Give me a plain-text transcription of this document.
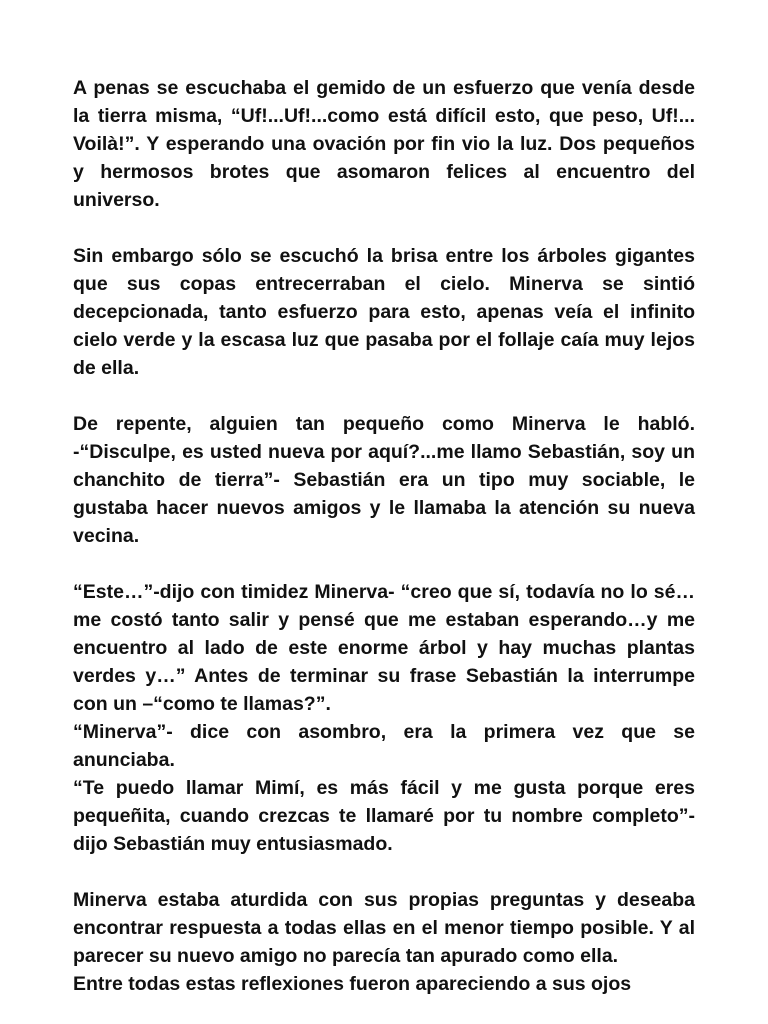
A penas se escuchaba el gemido de un esfuerzo que venía desde la tierra misma, “Uf!...Uf!...como está difícil esto, que peso, Uf!... Voilà!”. Y esperando una ovación por fin vio la luz. Dos pequeños y hermosos brotes que asomaron felices al encuentro del universo.

Sin embargo sólo se escuchó la brisa entre los árboles gigantes que sus copas entrecerraban el cielo. Minerva se sintió decepcionada, tanto esfuerzo para esto, apenas veía el infinito cielo verde y la escasa luz que pasaba por el follaje caía muy lejos de ella.

De repente, alguien tan pequeño como Minerva le habló. -“Disculpe, es usted nueva por aquí?...me llamo Sebastián, soy un chanchito de tierra”- Sebastián era un tipo muy sociable, le gustaba hacer nuevos amigos y le llamaba la atención su nueva vecina.

“Este…”-dijo con timidez Minerva- “creo que sí, todavía no lo sé…me costó tanto salir y pensé que me estaban esperando…y me encuentro al lado de este enorme árbol y hay muchas plantas verdes y…” Antes de terminar su frase Sebastián la interrumpe con un –“como te llamas?”.

“Minerva”- dice con asombro, era la primera vez que se anunciaba.

“Te puedo llamar Mimí, es más fácil y me gusta porque eres pequeñita, cuando crezcas te llamaré por tu nombre completo”- dijo Sebastián muy entusiasmado.

Minerva estaba aturdida con sus propias preguntas y deseaba encontrar respuesta a todas ellas en el menor tiempo posible. Y al parecer su nuevo amigo no parecía tan apurado como ella.

Entre todas estas reflexiones fueron apareciendo a sus ojos
